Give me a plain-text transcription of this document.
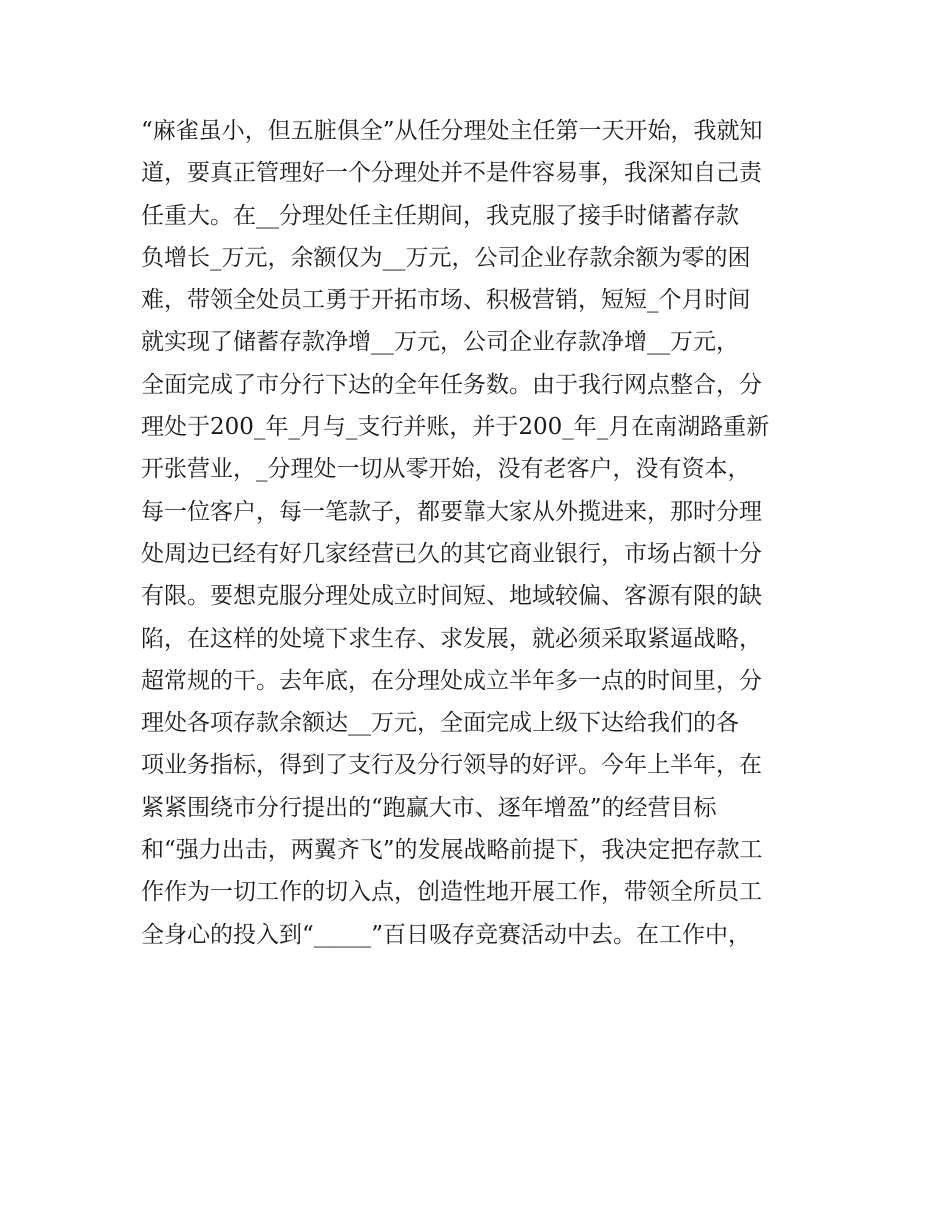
“麻雀虽小，但五脏俱全”从任分理处主任第一天开始，我就知
道，要真正管理好一个分理处并不是件容易事，我深知自己责
任重大。在__分理处任主任期间，我克服了接手时储蓄存款
负增长_万元，余额仅为__万元，公司企业存款余额为零的困
难，带领全处员工勇于开拓市场、积极营销，短短_个月时间
就实现了储蓄存款净增__万元，公司企业存款净增__万元，
全面完成了市分行下达的全年任务数。由于我行网点整合，分
理处于200_年_月与_支行并账，并于200_年_月在南湖路重新
开张营业，_分理处一切从零开始，没有老客户，没有资本，
每一位客户，每一笔款子，都要靠大家从外揽进来，那时分理
处周边已经有好几家经营已久的其它商业银行，市场占额十分
有限。要想克服分理处成立时间短、地域较偏、客源有限的缺
陷，在这样的处境下求生存、求发展，就必须采取紧逼战略，
超常规的干。去年底，在分理处成立半年多一点的时间里，分
理处各项存款余额达__万元，全面完成上级下达给我们的各
项业务指标，得到了支行及分行领导的好评。今年上半年，在
紧紧围绕市分行提出的“跑赢大市、逐年增盈”的经营目标
和“强力出击，两翼齐飞”的发展战略前提下，我决定把存款工
作作为一切工作的切入点，创造性地开展工作，带领全所员工
全身心的投入到“_____”百日吸存竞赛活动中去。在工作中，
